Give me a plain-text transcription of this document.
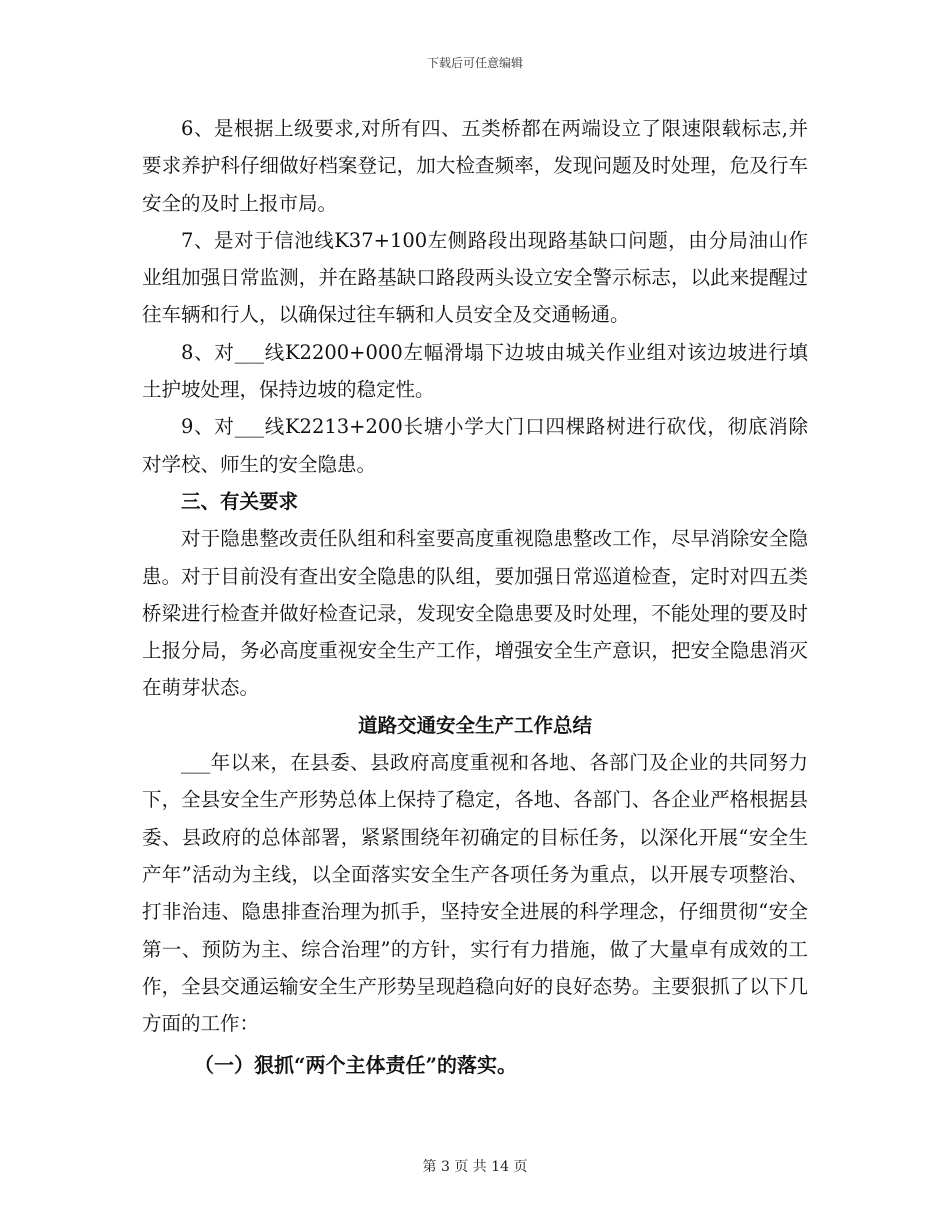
下载后可任意编辑

6、是根据上级要求,对所有四、五类桥都在两端设立了限速限载标志,并要求养护科仔细做好档案登记，加大检查频率，发现问题及时处理，危及行车安全的及时上报市局。

7、是对于信池线K37+100左侧路段出现路基缺口问题，由分局油山作业组加强日常监测，并在路基缺口路段两头设立安全警示标志，以此来提醒过往车辆和行人，以确保过往车辆和人员安全及交通畅通。

8、对___线K2200+000左幅滑塌下边坡由城关作业组对该边坡进行填土护坡处理，保持边坡的稳定性。

9、对___线K2213+200长塘小学大门口四棵路树进行砍伐，彻底消除对学校、师生的安全隐患。

三、有关要求

对于隐患整改责任队组和科室要高度重视隐患整改工作，尽早消除安全隐患。对于目前没有查出安全隐患的队组，要加强日常巡道检查，定时对四五类桥梁进行检查并做好检查记录，发现安全隐患要及时处理，不能处理的要及时上报分局，务必高度重视安全生产工作，增强安全生产意识，把安全隐患消灭在萌芽状态。

道路交通安全生产工作总结

___年以来，在县委、县政府高度重视和各地、各部门及企业的共同努力下，全县安全生产形势总体上保持了稳定，各地、各部门、各企业严格根据县委、县政府的总体部署，紧紧围绕年初确定的目标任务，以深化开展“安全生产年”活动为主线，以全面落实安全生产各项任务为重点，以开展专项整治、打非治违、隐患排查治理为抓手，坚持安全进展的科学理念，仔细贯彻“安全第一、预防为主、综合治理”的方针，实行有力措施，做了大量卓有成效的工作，全县交通运输安全生产形势呈现趋稳向好的良好态势。主要狠抓了以下几方面的工作：

（一）狠抓“两个主体责任”的落实。

第 3 页 共 14 页
